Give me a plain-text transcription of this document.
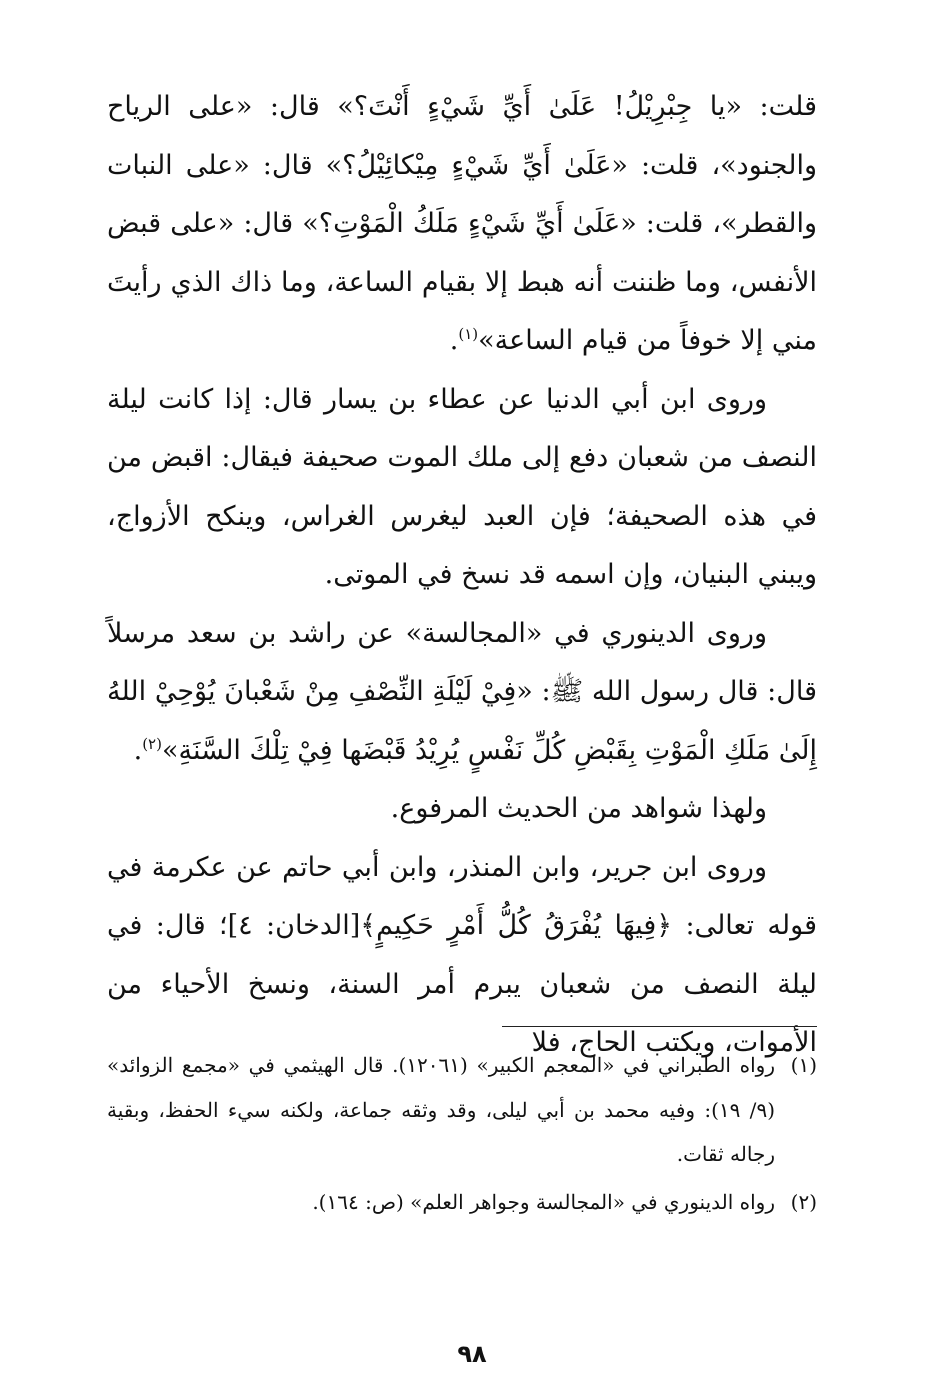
قلت: «يا جِبْرِيْلُ! عَلَىٰ أَيِّ شَيْءٍ أَنْتَ؟» قال: «على الرياح والجنود»، قلت: «عَلَىٰ أَيِّ شَيْءٍ مِيْكائِيْلُ؟» قال: «على النبات والقطر»، قلت: «عَلَىٰ أَيِّ شَيْءٍ مَلَكُ الْمَوْتِ؟» قال: «على قبض الأنفس، وما ظننت أنه هبط إلا بقيام الساعة، وما ذاك الذي رأيتَ مني إلا خوفاً من قيام الساعة»$^{(١)}$.

وروى ابن أبي الدنيا عن عطاء بن يسار قال: إذا كانت ليلة النصف من شعبان دفع إلى ملك الموت صحيفة فيقال: اقبض من في هذه الصحيفة؛ فإن العبد ليغرس الغراس، وينكح الأزواج، ويبني البنيان، وإن اسمه قد نسخ في الموتى.

وروى الدينوري في «المجالسة» عن راشد بن سعد مرسلاً قال: قال رسول الله ﷺ: «فِيْ لَيْلَةِ النِّصْفِ مِنْ شَعْبانَ يُوْحِيْ اللهُ إِلَىٰ مَلَكِ الْمَوْتِ بِقَبْضِ كُلِّ نَفْسٍ يُرِيْدُ قَبْضَها فِيْ تِلْكَ السَّنَةِ»$^{(٢)}$.

ولهذا شواهد من الحديث المرفوع.

وروى ابن جرير، وابن المنذر، وابن أبي حاتم عن عكرمة في قوله تعالى: ﴿فِيهَا يُفْرَقُ كُلُّ أَمْرٍ حَكِيمٍ﴾[الدخان: ٤]؛ قال: في ليلة النصف من شعبان يبرم أمر السنة، ونسخ الأحياء من الأموات، ويكتب الحاج، فلا

(١)
رواه الطبراني في «المعجم الكبير» (١٢٠٦١). قال الهيثمي في «مجمع الزوائد» (٩/ ١٩): وفيه محمد بن أبي ليلى، وقد وثقه جماعة، ولكنه سيء الحفظ، وبقية رجاله ثقات.
(٢)
رواه الدينوري في «المجالسة وجواهر العلم» (ص: ١٦٤).
٩٨
